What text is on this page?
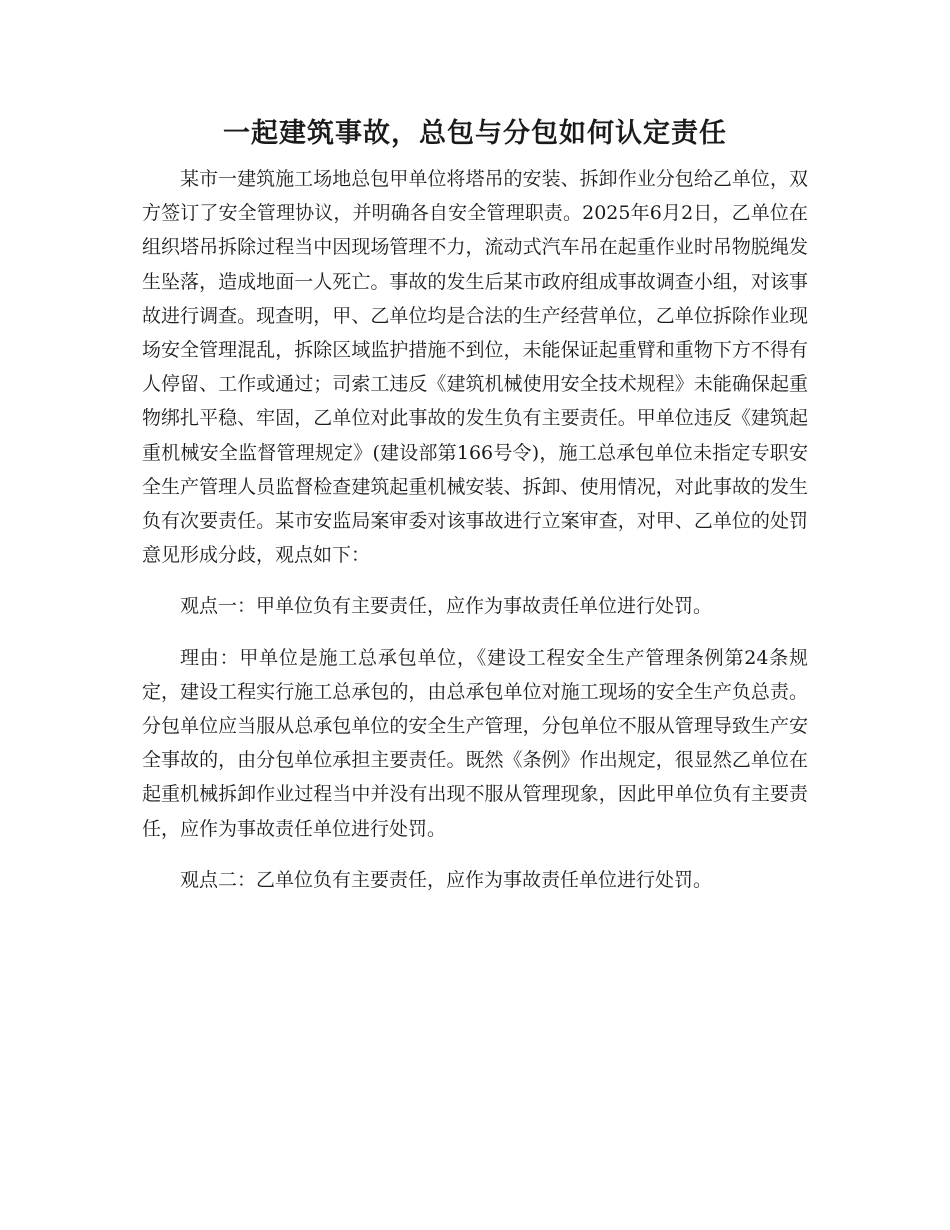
一起建筑事故，总包与分包如何认定责任

某市一建筑施工场地总包甲单位将塔吊的安装、拆卸作业分包给乙单位，双方签订了安全管理协议，并明确各自安全管理职责。2025年6月2日，乙单位在组织塔吊拆除过程当中因现场管理不力，流动式汽车吊在起重作业时吊物脱绳发生坠落，造成地面一人死亡。事故的发生后某市政府组成事故调查小组，对该事故进行调查。现查明，甲、乙单位均是合法的生产经营单位，乙单位拆除作业现场安全管理混乱，拆除区域监护措施不到位，未能保证起重臂和重物下方不得有人停留、工作或通过；司索工违反《建筑机械使用安全技术规程》未能确保起重物绑扎平稳、牢固，乙单位对此事故的发生负有主要责任。甲单位违反《建筑起重机械安全监督管理规定》(建设部第166号令)，施工总承包单位未指定专职安全生产管理人员监督检查建筑起重机械安装、拆卸、使用情况，对此事故的发生负有次要责任。某市安监局案审委对该事故进行立案审查，对甲、乙单位的处罚意见形成分歧，观点如下：

观点一：甲单位负有主要责任，应作为事故责任单位进行处罚。

理由：甲单位是施工总承包单位，《建设工程安全生产管理条例第24条规定，建设工程实行施工总承包的，由总承包单位对施工现场的安全生产负总责。分包单位应当服从总承包单位的安全生产管理，分包单位不服从管理导致生产安全事故的，由分包单位承担主要责任。既然《条例》作出规定，很显然乙单位在起重机械拆卸作业过程当中并没有出现不服从管理现象，因此甲单位负有主要责任，应作为事故责任单位进行处罚。

观点二：乙单位负有主要责任，应作为事故责任单位进行处罚。
